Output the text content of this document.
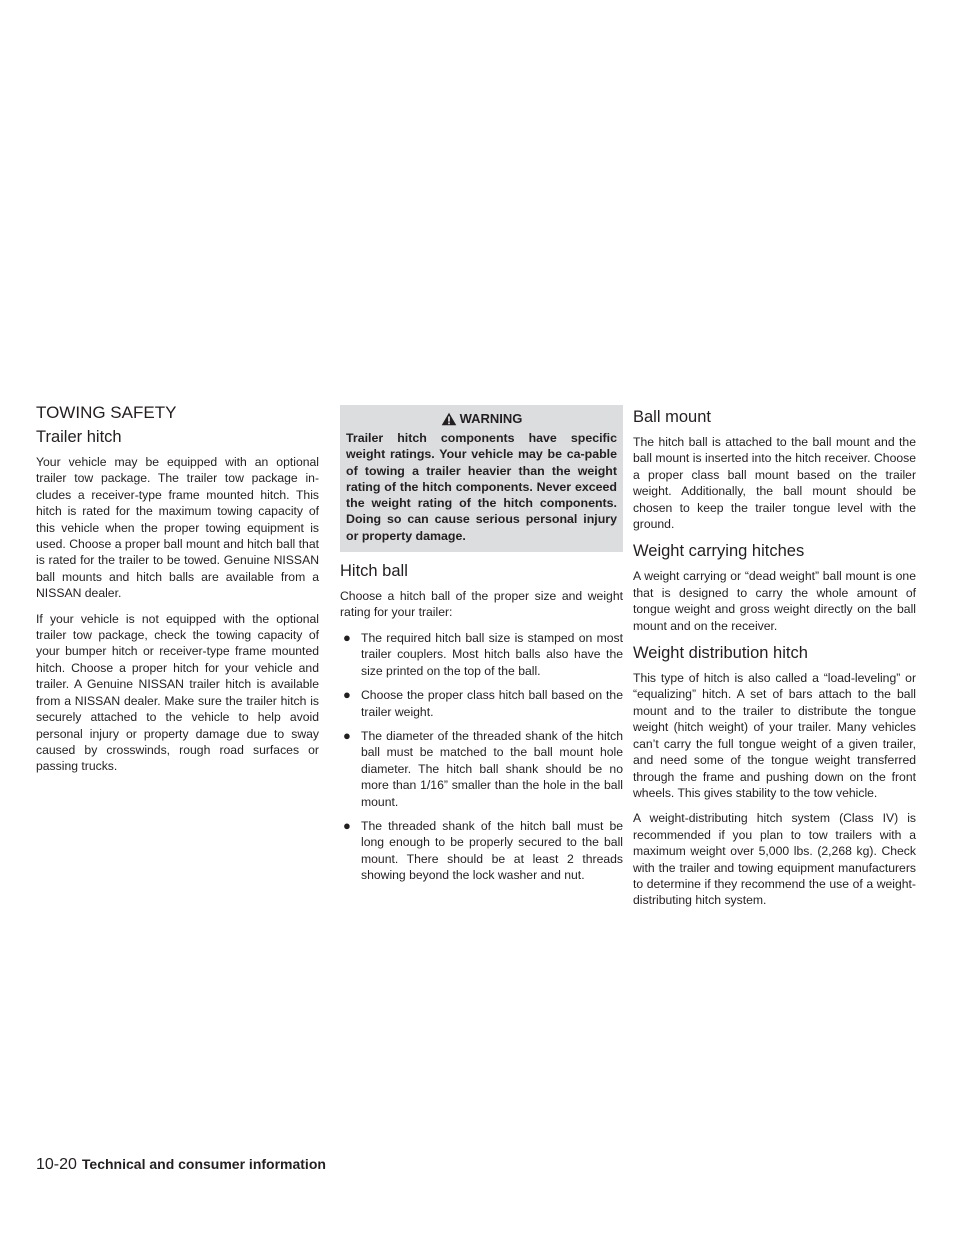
TOWING SAFETY
Trailer hitch

Your vehicle may be equipped with an optional trailer tow package. The trailer tow package in-cludes a receiver-type frame mounted hitch. This hitch is rated for the maximum towing capacity of this vehicle when the proper towing equipment is used. Choose a proper ball mount and hitch ball that is rated for the trailer to be towed. Genuine NISSAN ball mounts and hitch balls are available from a NISSAN dealer.

If your vehicle is not equipped with the optional trailer tow package, check the towing capacity of your bumper hitch or receiver-type frame mounted hitch. Choose a proper hitch for your vehicle and trailer. A Genuine NISSAN trailer hitch is available from a NISSAN dealer. Make sure the trailer hitch is securely attached to the vehicle to help avoid personal injury or property damage due to sway caused by crosswinds, rough road surfaces or passing trucks.

WARNING
Trailer hitch components have specific weight ratings. Your vehicle may be ca-pable of towing a trailer heavier than the weight rating of the hitch components. Never exceed the weight rating of the hitch components. Doing so can cause serious personal injury or property damage.
Hitch ball

Choose a hitch ball of the proper size and weight rating for your trailer:

● The required hitch ball size is stamped on most trailer couplers. Most hitch balls also have the size printed on the top of the ball.
● Choose the proper class hitch ball based on the trailer weight.
● The diameter of the threaded shank of the hitch ball must be matched to the ball mount hole diameter. The hitch ball shank should be no more than 1/16” smaller than the hole in the ball mount.
● The threaded shank of the hitch ball must be long enough to be properly secured to the ball mount. There should be at least 2 threads showing beyond the lock washer and nut.
Ball mount

The hitch ball is attached to the ball mount and the ball mount is inserted into the hitch receiver. Choose a proper class ball mount based on the trailer weight. Additionally, the ball mount should be chosen to keep the trailer tongue level with the ground.

Weight carrying hitches

A weight carrying or “dead weight” ball mount is one that is designed to carry the whole amount of tongue weight and gross weight directly on the ball mount and on the receiver.

Weight distribution hitch

This type of hitch is also called a “load-leveling” or “equalizing” hitch. A set of bars attach to the ball mount and to the trailer to distribute the tongue weight (hitch weight) of your trailer. Many vehicles can’t carry the full tongue weight of a given trailer, and need some of the tongue weight transferred through the frame and pushing down on the front wheels. This gives stability to the tow vehicle.

A weight-distributing hitch system (Class IV) is recommended if you plan to tow trailers with a maximum weight over 5,000 lbs. (2,268 kg). Check with the trailer and towing equipment manufacturers to determine if they recommend the use of a weight-distributing hitch system.

10-20 Technical and consumer information
